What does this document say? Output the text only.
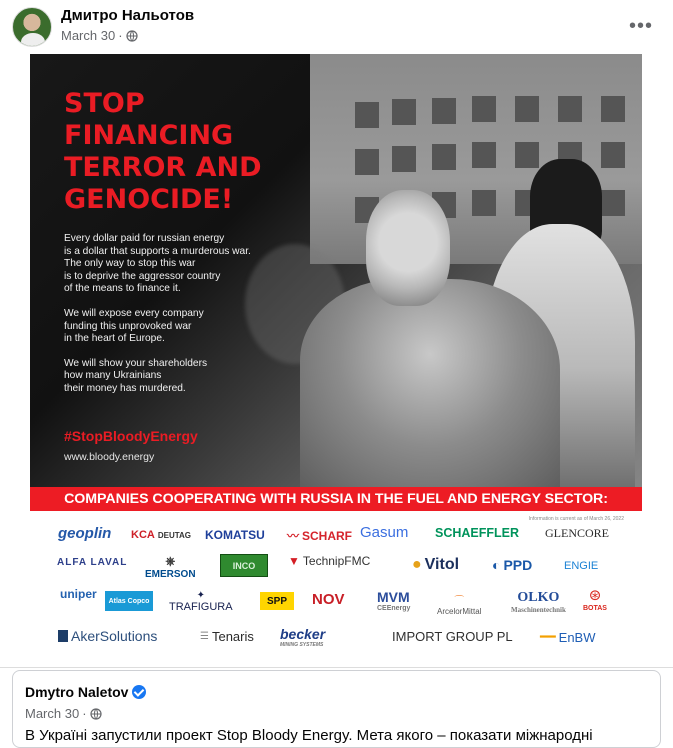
Дмитро Нальотов
March 30 ·	•••
STOP
FINANCING
TERROR AND
GENOCIDE!

Every dollar paid for russian energy
is a dollar that supports a murderous war.
The only way to stop this war
is to deprive the aggressor country
of the means to finance it.

We will expose every company
funding this unprovoked war
in the heart of Europe.

We will show your shareholders
how many Ukrainians
their money has murdered.

#StopBloodyEnergy
www.bloody.energy
COMPANIES COOPERATING WITH RUSSIA IN THE FUEL AND ENERGY SECTOR:
Information is current as of March 26, 2022
geoplin KCA DEUTAG KOMATSU 〰 SCHARF Gasum SCHAEFFLER GLENCORE
ALFA LAVAL	⎈
EMERSON
INCO	▼ TechnipFMC	● Vitol ◐ PPD	ENGIE
uniper Atlas Copco	✦
TRAFIGURA	SPP NOV MVM
CEEnergy
⌒
ArcelorMittal
OLKO
Maschinentechnik
⊛
BOTAS
AkerSolutions	☰ Tenaris becker
MINING SYSTEMS
IMPORT GROUP PL ━━ EnBW
Dmytro Naletov
March 30 ·
В Україні запустили проект Stop Bloody Energy. Мета якого – показати міжнародні
